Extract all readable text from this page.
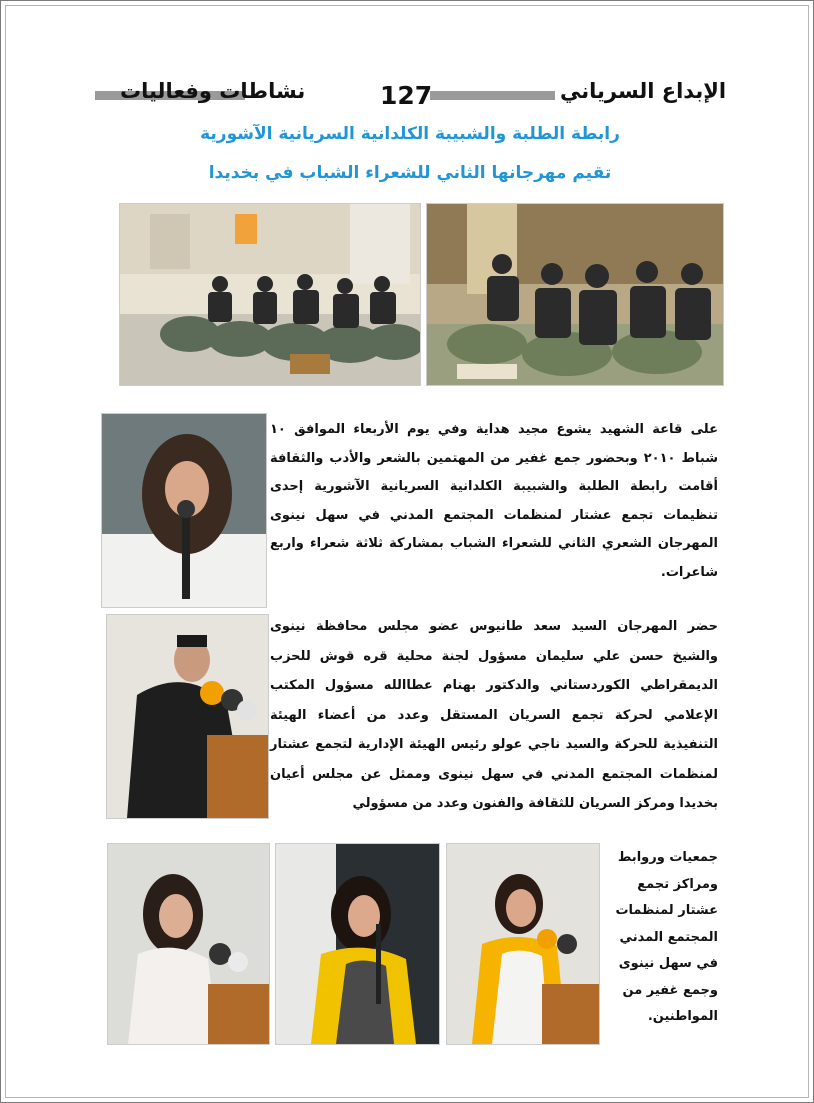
نشاطات وفعاليات	127	الإبداع السرياني
رابطة الطلبة والشبيبة الكلدانية السريانية الآشورية
تقيم مهرجانها الثاني للشعراء الشباب في بخديدا
على قاعة الشهيد يشوع مجيد هداية وفي يوم الأربعاء الموافق ١٠ شباط ٢٠١٠ وبحضور جمع غفير من المهتمين بالشعر والأدب والثقافة أقامت رابطة الطلبة والشبيبة الكلدانية السريانية الآشورية إحدى تنظيمات تجمع عشتار لمنظمات المجتمع المدني في سهل نينوى المهرجان الشعري الثاني للشعراء الشباب بمشاركة ثلاثة شعراء واربع شاعرات.
حضر المهرجان السيد سعد طانيوس عضو مجلس محافظة نينوى والشيخ حسن علي سليمان مسؤول لجنة محلية قره قوش للحزب الديمقراطي الكوردستاني والدكتور بهنام عطاالله مسؤول المكتب الإعلامي لحركة تجمع السريان المستقل وعدد من أعضاء الهيئة التنفيذية للحركة والسيد ناجي عولو رئيس الهيئة الإدارية لتجمع عشتار لمنظمات المجتمع المدني في سهل نينوى وممثل عن مجلس أعيان بخديدا ومركز السريان للثقافة والفنون وعدد من مسؤولي
جمعيات وروابط ومراكز تجمع عشتار لمنظمات المجتمع المدني في سهل نينوى وجمع غفير من المواطنين.
